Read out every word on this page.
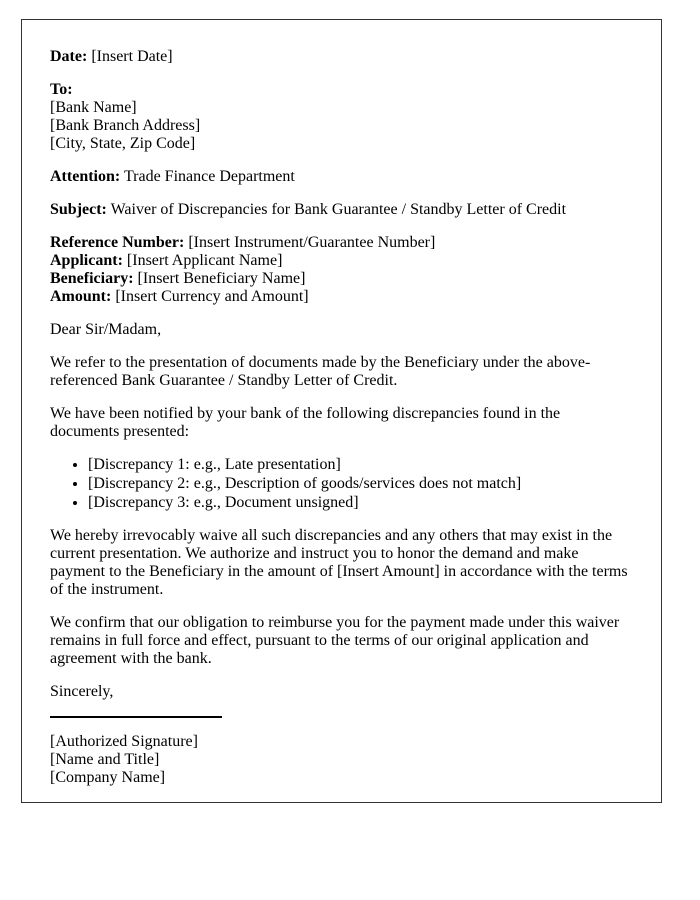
Date: [Insert Date]

To:
[Bank Name]
[Bank Branch Address]
[City, State, Zip Code]

Attention: Trade Finance Department

Subject: Waiver of Discrepancies for Bank Guarantee / Standby Letter of Credit

Reference Number: [Insert Instrument/Guarantee Number]
Applicant: [Insert Applicant Name]
Beneficiary: [Insert Beneficiary Name]
Amount: [Insert Currency and Amount]

Dear Sir/Madam,

We refer to the presentation of documents made by the Beneficiary under the above-referenced Bank Guarantee / Standby Letter of Credit.

We have been notified by your bank of the following discrepancies found in the documents presented:

• [Discrepancy 1: e.g., Late presentation]
• [Discrepancy 2: e.g., Description of goods/services does not match]
• [Discrepancy 3: e.g., Document unsigned]

We hereby irrevocably waive all such discrepancies and any others that may exist in the current presentation. We authorize and instruct you to honor the demand and make payment to the Beneficiary in the amount of [Insert Amount] in accordance with the terms of the instrument.

We confirm that our obligation to reimburse you for the payment made under this waiver remains in full force and effect, pursuant to the terms of our original application and agreement with the bank.

Sincerely,

[Authorized Signature]
[Name and Title]
[Company Name]
